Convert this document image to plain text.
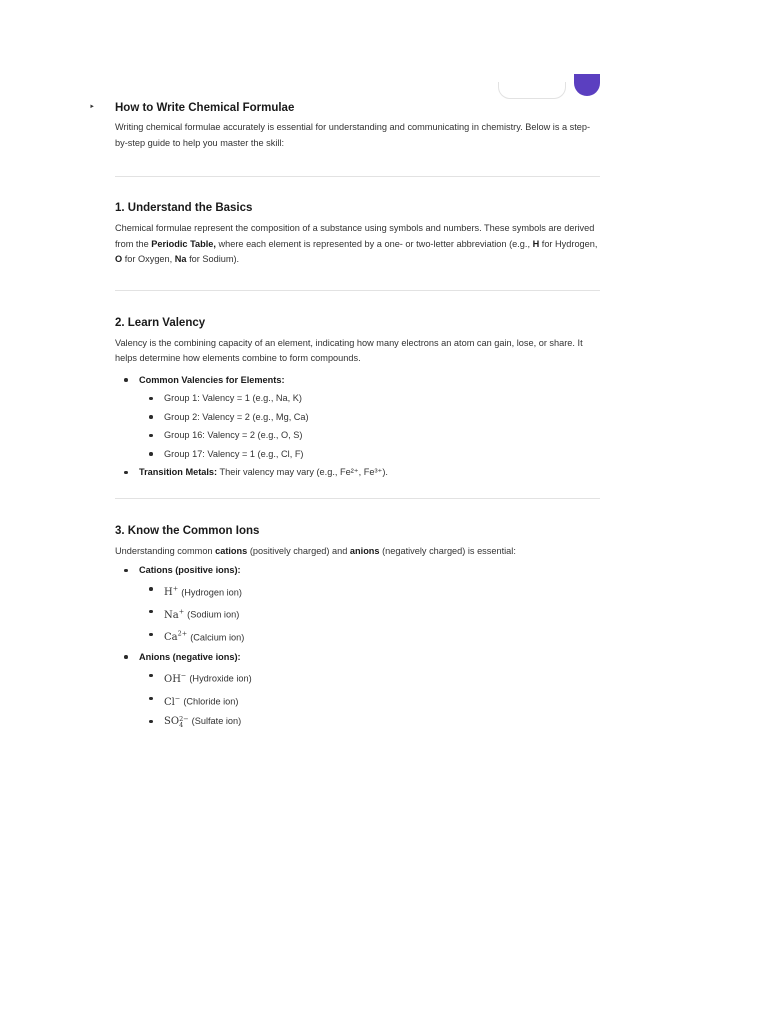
‣ How to Write Chemical Formulae

Writing chemical formulae accurately is essential for understanding and communicating in chemistry. Below is a step-by-step guide to help you master the skill:

1. Understand the Basics

Chemical formulae represent the composition of a substance using symbols and numbers. These symbols are derived from the Periodic Table, where each element is represented by a one- or two-letter abbreviation (e.g., H for Hydrogen, O for Oxygen, Na for Sodium).

2. Learn Valency

Valency is the combining capacity of an element, indicating how many electrons an atom can gain, lose, or share. It helps determine how elements combine to form compounds.

Common Valencies for Elements:
Group 1: Valency = 1 (e.g., Na, K)
Group 2: Valency = 2 (e.g., Mg, Ca)
Group 16: Valency = 2 (e.g., O, S)
Group 17: Valency = 1 (e.g., Cl, F)
Transition Metals: Their valency may vary (e.g., Fe²⁺, Fe³⁺).
3. Know the Common Ions

Understanding common cations (positively charged) and anions (negatively charged) is essential:

Cations (positive ions):
H+ (Hydrogen ion)
Na+ (Sodium ion)
$Ca^{2+}$ (Calcium ion)
Anions (negative ions):
OH− (Hydroxide ion)
Cl− (Chloride ion)
SO2−
4 (Sulfate ion)
